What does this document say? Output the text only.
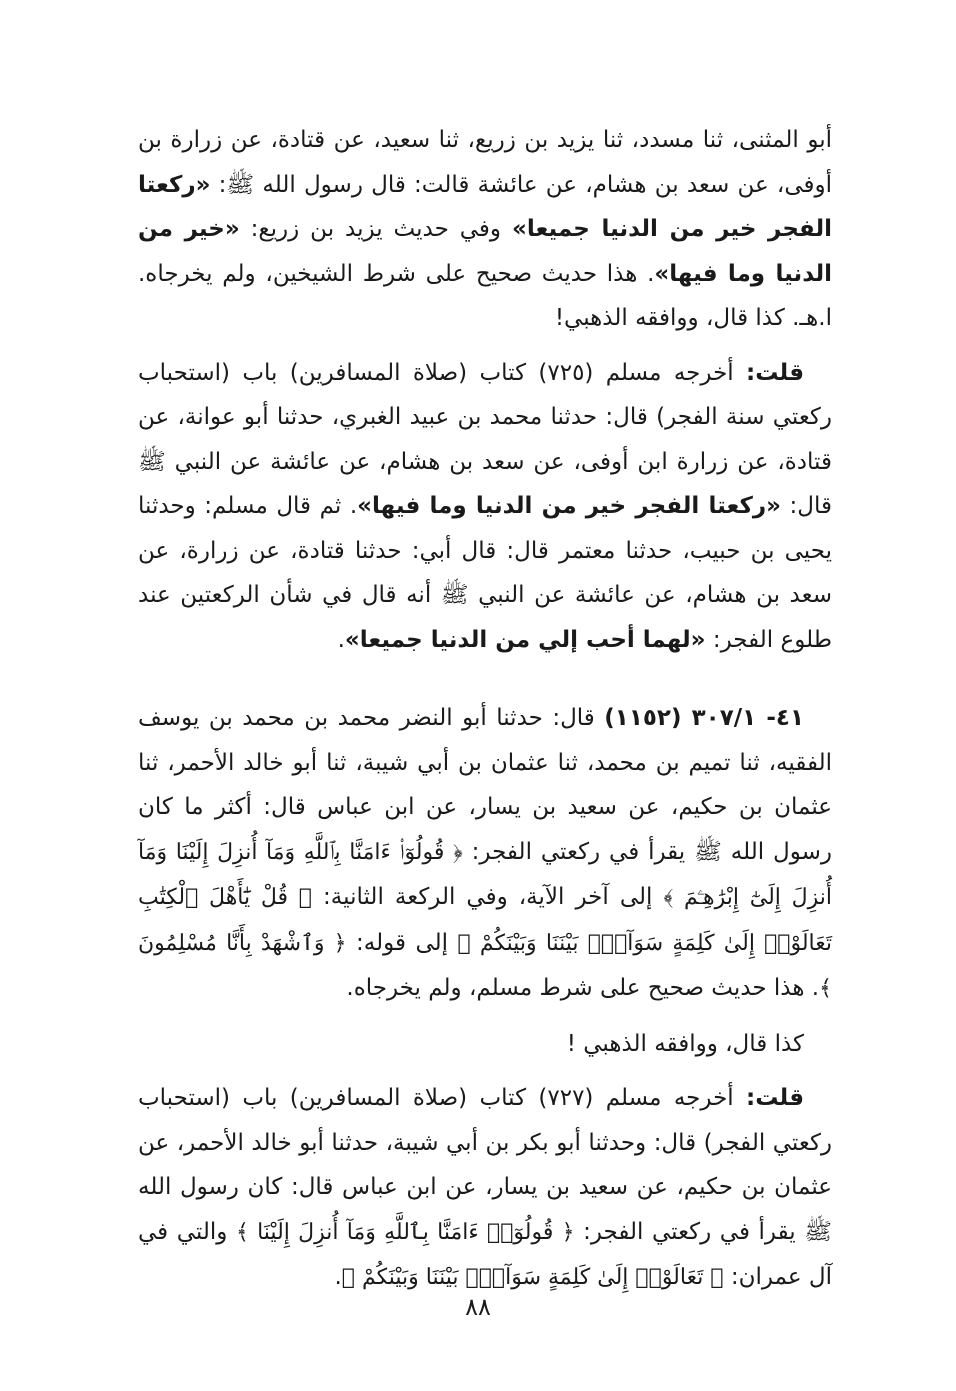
أبو المثنى، ثنا مسدد، ثنا يزيد بن زريع، ثنا سعيد، عن قتادة، عن زرارة بن أوفى، عن سعد بن هشام، عن عائشة قالت: قال رسول الله ﷺ: «ركعتا الفجر خير من الدنيا جميعا» وفي حديث يزيد بن زريع: «خير من الدنيا وما فيها». هذا حديث صحيح على شرط الشيخين، ولم يخرجاه. ا.هـ. كذا قال، ووافقه الذهبي!

قلت: أخرجه مسلم (٧٢٥) كتاب (صلاة المسافرين) باب (استحباب ركعتي سنة الفجر) قال: حدثنا محمد بن عبيد الغبري، حدثنا أبو عوانة، عن قتادة، عن زرارة ابن أوفى، عن سعد بن هشام، عن عائشة عن النبي ﷺ قال: «ركعتا الفجر خير من الدنيا وما فيها». ثم قال مسلم: وحدثنا يحيى بن حبيب، حدثنا معتمر قال: قال أبي: حدثنا قتادة، عن زرارة، عن سعد بن هشام، عن عائشة عن النبي ﷺ أنه قال في شأن الركعتين عند طلوع الفجر: «لهما أحب إلي من الدنيا جميعا».

٤١- ٣٠٧/١ (١١٥٢) قال: حدثنا أبو النضر محمد بن محمد بن يوسف الفقيه، ثنا تميم بن محمد، ثنا عثمان بن أبي شيبة، ثنا أبو خالد الأحمر، ثنا عثمان بن حكيم، عن سعيد بن يسار، عن ابن عباس قال: أكثر ما كان رسول الله ﷺ يقرأ في ركعتي الفجر: ﴿ قُولُوٓا۟ ءَامَنَّا بِٱللَّهِ وَمَآ أُنزِلَ إِلَيْنَا وَمَآ أُنزِلَ إِلَىٰٓ إِبْرَٰهِـۧمَ ﴾ إلى آخر الآية، وفي الركعة الثانية: ﴿ قُلْ يَٰٓأَهْلَ ٱلْكِتَٰبِ تَعَالَوْا۟ إِلَىٰ كَلِمَةٍ سَوَآءٍۭ بَيْنَنَا وَبَيْنَكُمْ ﴾ إلى قوله: ﴿ وَٱشْهَدْ بِأَنَّا مُسْلِمُونَ ﴾. هذا حديث صحيح على شرط مسلم، ولم يخرجاه.

كذا قال، ووافقه الذهبي !

قلت: أخرجه مسلم (٧٢٧) كتاب (صلاة المسافرين) باب (استحباب ركعتي الفجر) قال: وحدثنا أبو بكر بن أبي شيبة، حدثنا أبو خالد الأحمر، عن عثمان بن حكيم، عن سعيد بن يسار، عن ابن عباس قال: كان رسول الله ﷺ يقرأ في ركعتي الفجر: ﴿ قُولُوٓا۟ ءَامَنَّا بِٱللَّهِ وَمَآ أُنزِلَ إِلَيْنَا ﴾ والتي في آل عمران: ﴿ تَعَالَوْا۟ إِلَىٰ كَلِمَةٍ سَوَآءٍۭ بَيْنَنَا وَبَيْنَكُمْ ﴾.

٨٨
